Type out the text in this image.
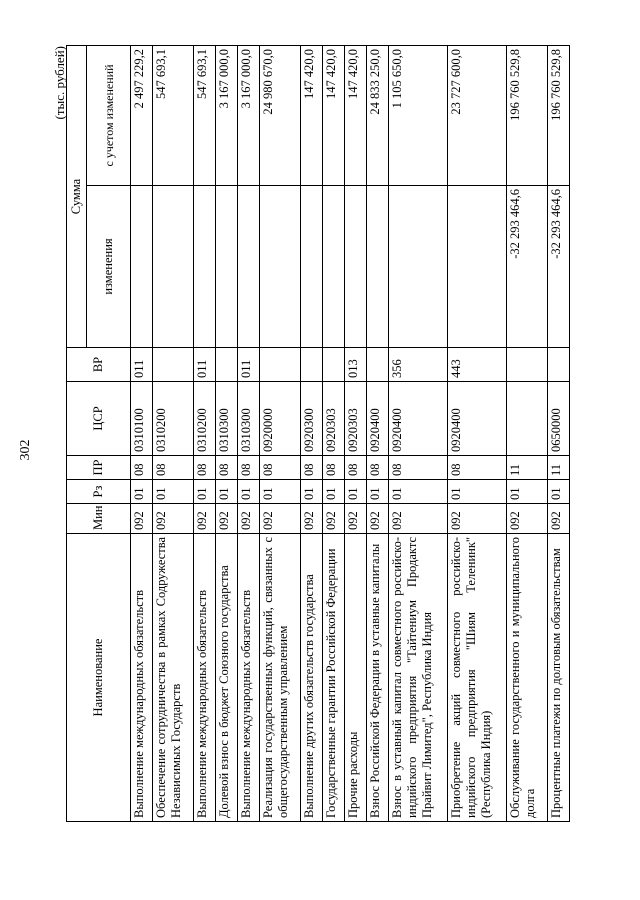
302
(тыс. рублей)
Наименование	Мин	Рз	ПР	ЦСР	ВР	Сумма	
						изменения	с учетом изменений
Выполнение международных обязательств	092	01	08	0310100	011		2 497 229,2
Обеспечение сотрудничества в рамках Содружества Независимых Государств	092	01	08	0310200			547 693,1
Выполнение международных обязательств	092	01	08	0310200	011		547 693,1
Долевой взнос в бюджет Союзного государства	092	01	08	0310300			3 167 000,0
Выполнение международных обязательств	092	01	08	0310300	011		3 167 000,0
Реализация государственных функций, связанных с общегосударственным управлением	092	01	08	0920000			24 980 670,0
Выполнение других обязательств государства	092	01	08	0920300			147 420,0
Государственные гарантии Российской Федерации	092	01	08	0920303			147 420,0
Прочие расходы	092	01	08	0920303	013		147 420,0
Взнос Российской Федерации в уставные капиталы	092	01	08	0920400			24 833 250,0
Взнос в уставный капитал совместного российско-индийского предприятия "Тайтениум Продактс Прайвит Лимитед", Республика Индия	092	01	08	0920400	356		1 105 650,0
Приобретение акций совместного российско-индийского предприятия "Шиям Теленинк" (Республика Индия)	092	01	08	0920400	443		23 727 600,0
Обслуживание государственного и муниципального долга	092	01	11			-32 293 464,6	196 760 529,8
Процентные платежи по долговым обязательствам	092	01	11	0650000		-32 293 464,6	196 760 529,8
